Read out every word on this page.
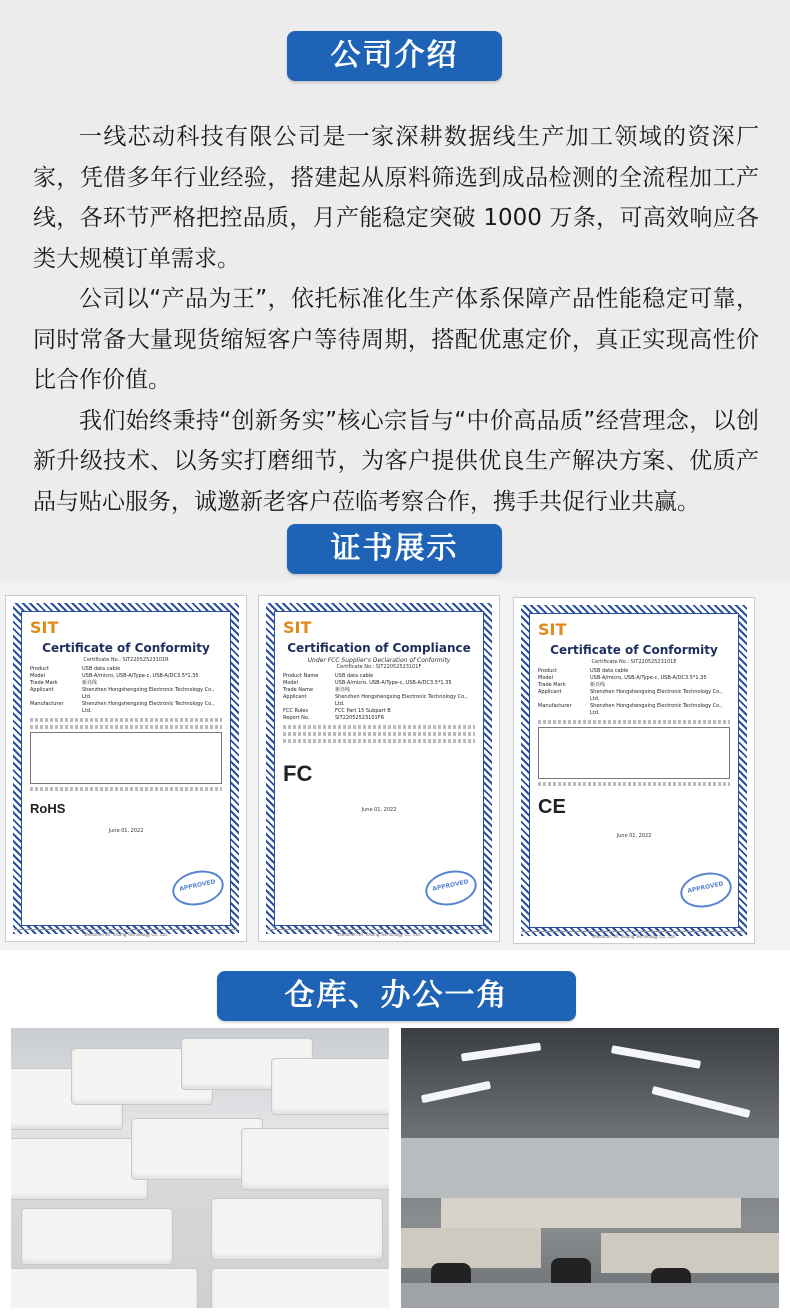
公司介绍

一线芯动科技有限公司是一家深耕数据线生产加工领域的资深厂家，凭借多年行业经验，搭建起从原料筛选到成品检测的全流程加工产线，各环节严格把控品质，月产能稳定突破 1000 万条，可高效响应各类大规模订单需求。

公司以“产品为王”，依托标准化生产体系保障产品性能稳定可靠，同时常备大量现货缩短客户等待周期，搭配优惠定价，真正实现高性价比合作价值。

我们始终秉持“创新务实”核心宗旨与“中价高品质”经营理念，以创新升级技术、以务实打磨细节，为客户提供优良生产解决方案、优质产品与贴心服务，诚邀新老客户莅临考察合作，携手共促行业共赢。

证书展示
SIT
Certificate of Conformity
Certificate No.: SIT22052523101R
Product	USB data cable
Model	USB-A/micro, USB-A/Type-c, USB-A/DC3.5*1.35
Trade Mark	新亮线
Applicant	Shenzhen Hongshengxing Electronic Technology Co., Ltd.
Manufacturer	Shenzhen Hongshengxing Electronic Technology Co., Ltd.
RoHS
June 01, 2022
APPROVED
Shenzhen SIT Testing Technology Co., Ltd.
SIT
Certification of Compliance
Under FCC Supplier's Declaration of Conformity
Certificate No.: SIT22052523101F
Product Name	USB data cable
Model	USB-A/micro, USB-A/Type-c, USB-A/DC3.5*1.35
Trade Name	新亮线
Applicant	Shenzhen Hongshengxing Electronic Technology Co., Ltd.
FCC Rules	FCC Part 15 Subpart B
Report No.	SIT22052523101FR
FC
June 01, 2022
APPROVED
Shenzhen SIT Testing Technology Co., Ltd.
SIT
Certificate of Conformity
Certificate No.: SIT22052523101E
Product	USB data cable
Model	USB-A/micro, USB-A/Type-c, USB-A/DC3.5*1.35
Trade Mark	新亮线
Applicant	Shenzhen Hongshengxing Electronic Technology Co., Ltd.
Manufacturer	Shenzhen Hongshengxing Electronic Technology Co., Ltd.
CE
June 01, 2022
APPROVED
Shenzhen SIT Testing Technology Co., Ltd.
仓库、办公一角
